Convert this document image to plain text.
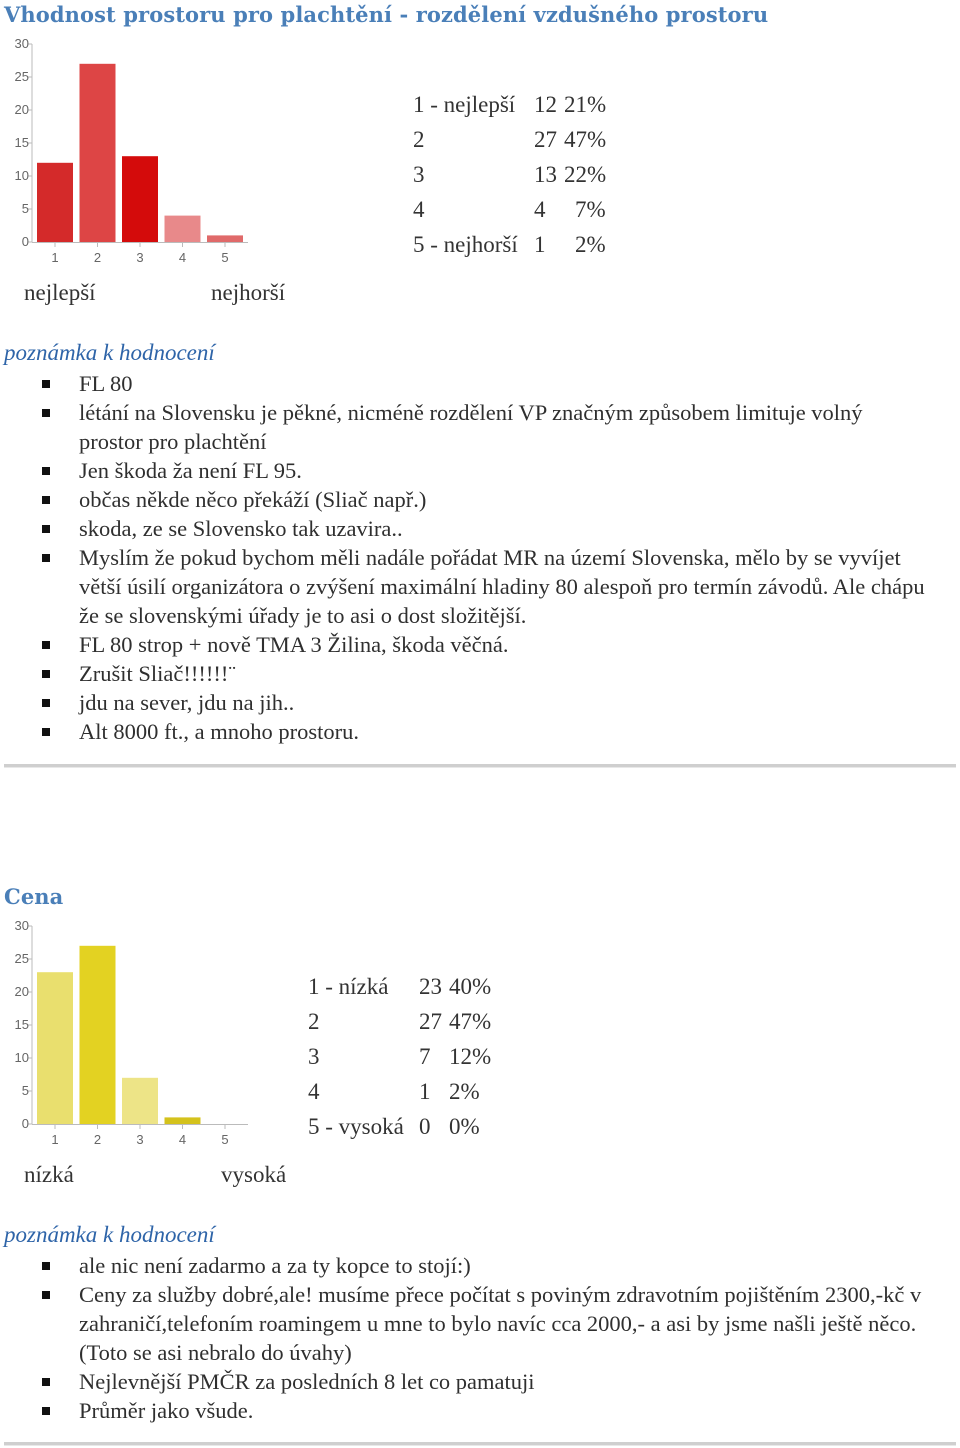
Vhodnost prostoru pro plachtění - rozdělení vzdušného prostoru
0
5
10
15
20
25
30
1	2	3	4	5
1 - nejlepší 12 21%
2	27 47%
3	13 22%
4	4 7%
5 - nejhorší 1 2%
nejlepší	nejhorší
poznámka k hodnocení
FL 80
létání na Slovensku je pěkné, nicméně rozdělení VP značným způsobem limituje volný prostor pro plachtění
Jen škoda ža není FL 95.
občas někde něco překáží (Sliač např.)
skoda, ze se Slovensko tak uzavira..
Myslím že pokud bychom měli nadále pořádat MR na území Slovenska, mělo by se vyvíjet větší úsilí organizátora o zvýšení maximální hladiny 80 alespoň pro termín závodů. Ale chápu že se slovenskými úřady je to asi o dost složitější.
FL 80 strop + nově TMA 3 Žilina, škoda věčná.
Zrušit Sliač!!!!!!¨
jdu na sever, jdu na jih..
Alt 8000 ft., a mnoho prostoru.
Cena
0
5
10
15
20
25
30
1	2	3	4	5
1 - nízká 23 40%
2	27 47%
3	7 12%
4	1 2%
5 - vysoká 0 0%
nízká	vysoká
poznámka k hodnocení
ale nic není zadarmo a za ty kopce to stojí:)
Ceny za služby dobré,ale! musíme přece počítat s poviným zdravotním pojištěním 2300,-kč v zahraničí,telefoním roamingem u mne to bylo navíc cca 2000,- a asi by jsme našli ještě něco.(Toto se asi nebralo do úvahy)
Nejlevnější PMČR za posledních 8 let co pamatuji
Průměr jako všude.
